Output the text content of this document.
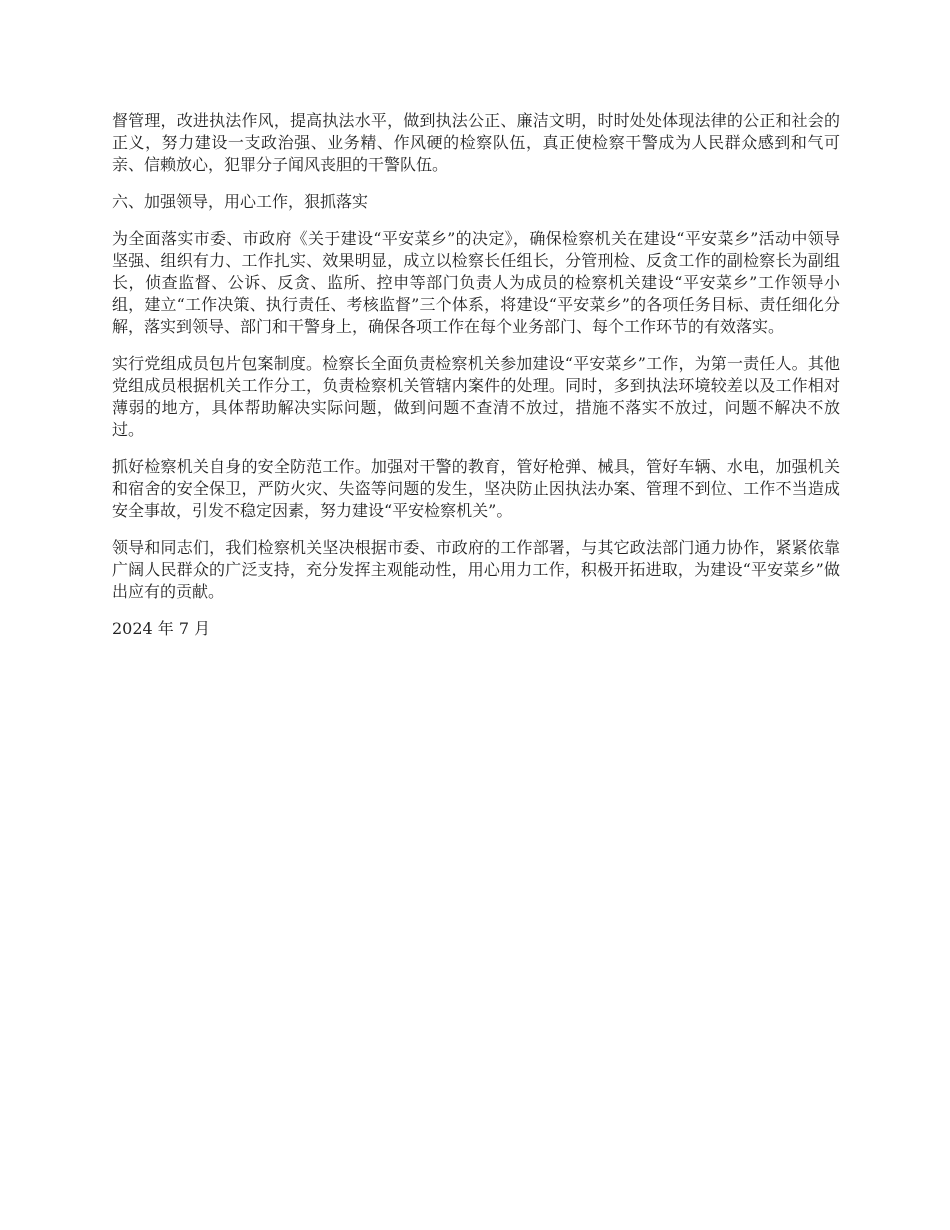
督管理，改进执法作风，提高执法水平，做到执法公正、廉洁文明，时时处处体现法律的公正和社会的正义，努力建设一支政治强、业务精、作风硬的检察队伍，真正使检察干警成为人民群众感到和气可亲、信赖放心，犯罪分子闻风丧胆的干警队伍。

六、加强领导，用心工作，狠抓落实

为全面落实市委、市政府《关于建设“平安菜乡”的决定》，确保检察机关在建设“平安菜乡”活动中领导坚强、组织有力、工作扎实、效果明显，成立以检察长任组长，分管刑检、反贪工作的副检察长为副组长，侦查监督、公诉、反贪、监所、控申等部门负责人为成员的检察机关建设“平安菜乡”工作领导小组，建立“工作决策、执行责任、考核监督”三个体系，将建设“平安菜乡”的各项任务目标、责任细化分解，落实到领导、部门和干警身上，确保各项工作在每个业务部门、每个工作环节的有效落实。

实行党组成员包片包案制度。检察长全面负责检察机关参加建设“平安菜乡”工作，为第一责任人。其他党组成员根据机关工作分工，负责检察机关管辖内案件的处理。同时，多到执法环境较差以及工作相对薄弱的地方，具体帮助解决实际问题，做到问题不查清不放过，措施不落实不放过，问题不解决不放过。

抓好检察机关自身的安全防范工作。加强对干警的教育，管好枪弹、械具，管好车辆、水电，加强机关和宿舍的安全保卫，严防火灾、失盗等问题的发生，坚决防止因执法办案、管理不到位、工作不当造成安全事故，引发不稳定因素，努力建设“平安检察机关”。

领导和同志们，我们检察机关坚决根据市委、市政府的工作部署，与其它政法部门通力协作，紧紧依靠广阔人民群众的广泛支持，充分发挥主观能动性，用心用力工作，积极开拓进取，为建设“平安菜乡”做出应有的贡献。

2024 年 7 月
